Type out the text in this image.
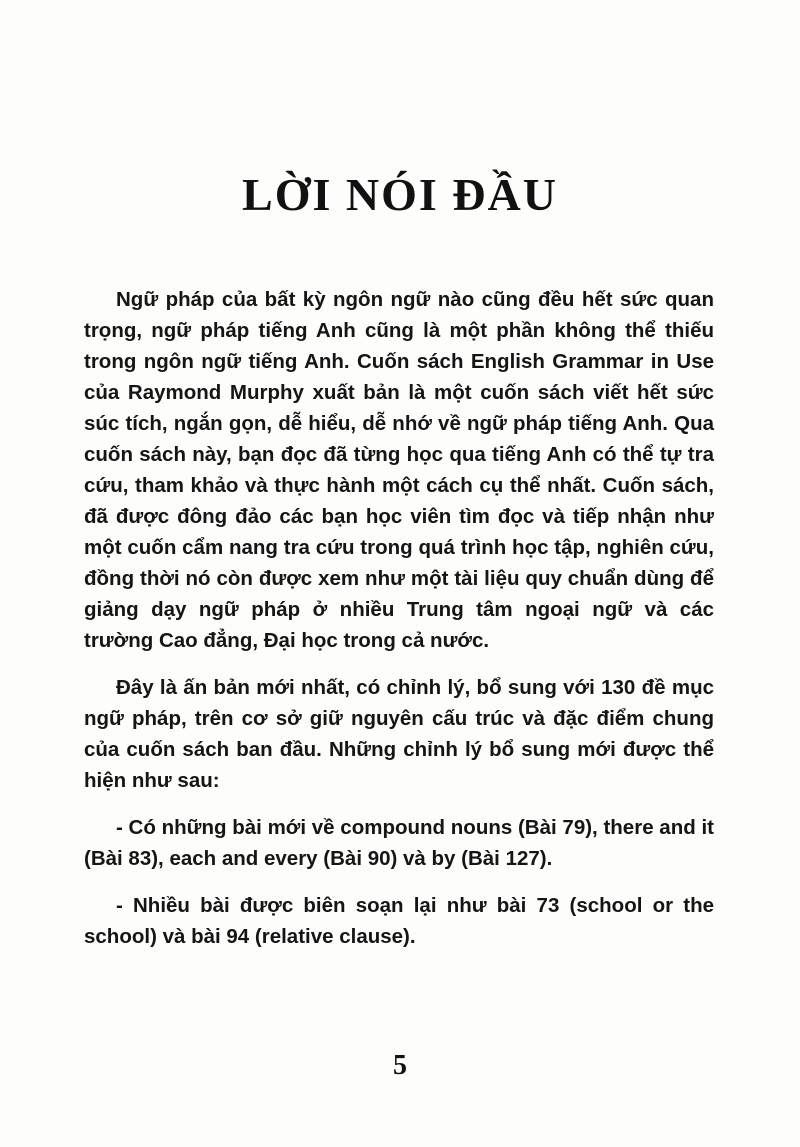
LỜI NÓI ĐẦU

Ngữ pháp của bất kỳ ngôn ngữ nào cũng đều hết sức quan trọng, ngữ pháp tiếng Anh cũng là một phần không thể thiếu trong ngôn ngữ tiếng Anh. Cuốn sách English Grammar in Use của Raymond Murphy xuất bản là một cuốn sách viết hết sức súc tích, ngắn gọn, dễ hiểu, dễ nhớ về ngữ pháp tiếng Anh. Qua cuốn sách này, bạn đọc đã từng học qua tiếng Anh có thể tự tra cứu, tham khảo và thực hành một cách cụ thể nhất. Cuốn sách, đã được đông đảo các bạn học viên tìm đọc và tiếp nhận như một cuốn cẩm nang tra cứu trong quá trình học tập, nghiên cứu, đồng thời nó còn được xem như một tài liệu quy chuẩn dùng để giảng dạy ngữ pháp ở nhiều Trung tâm ngoại ngữ và các trường Cao đẳng, Đại học trong cả nước.

Đây là ấn bản mới nhất, có chỉnh lý, bổ sung với 130 đề mục ngữ pháp, trên cơ sở giữ nguyên cấu trúc và đặc điểm chung của cuốn sách ban đầu. Những chỉnh lý bổ sung mới được thể hiện như sau:

- Có những bài mới về compound nouns (Bài 79), there and it (Bài 83), each and every (Bài 90) và by (Bài 127).

- Nhiều bài được biên soạn lại như bài 73 (school or the school) và bài 94 (relative clause).

5
